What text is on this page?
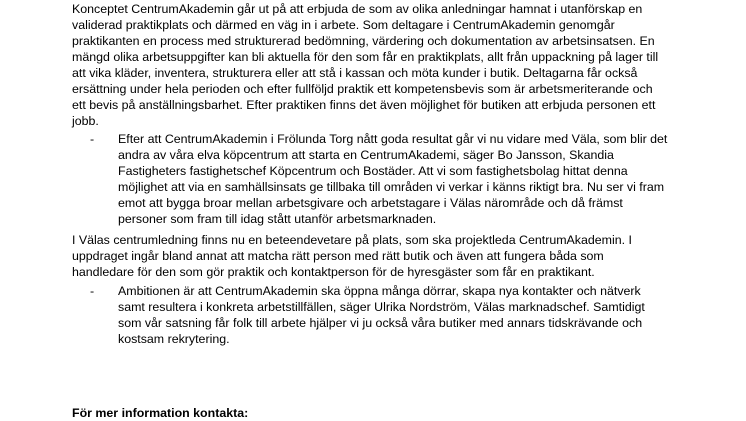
Konceptet CentrumAkademin går ut på att erbjuda de som av olika anledningar hamnat i utanförskap en
validerad praktikplats och därmed en väg in i arbete. Som deltagare i CentrumAkademin genomgår
praktikanten en process med strukturerad bedömning, värdering och dokumentation av arbetsinsatsen. En
mängd olika arbetsuppgifter kan bli aktuella för den som får en praktikplats, allt från uppackning på lager till
att vika kläder, inventera, strukturera eller att stå i kassan och möta kunder i butik. Deltagarna får också
ersättning under hela perioden och efter fullföljd praktik ett kompetensbevis som är arbetsmeriterande och
ett bevis på anställningsbarhet. Efter praktiken finns det även möjlighet för butiken att erbjuda personen ett
jobb.

- Efter att CentrumAkademin i Frölunda Torg nått goda resultat går vi nu vidare med Väla, som blir det
andra av våra elva köpcentrum att starta en CentrumAkademi, säger Bo Jansson, Skandia
Fastigheters fastighetschef Köpcentrum och Bostäder. Att vi som fastighetsbolag hittat denna
möjlighet att via en samhällsinsats ge tillbaka till områden vi verkar i känns riktigt bra. Nu ser vi fram
emot att bygga broar mellan arbetsgivare och arbetstagare i Välas närområde och då främst
personer som fram till idag stått utanför arbetsmarknaden.

I Välas centrumledning finns nu en beteendevetare på plats, som ska projektleda CentrumAkademin. I
uppdraget ingår bland annat att matcha rätt person med rätt butik och även att fungera båda som
handledare för den som gör praktik och kontaktperson för de hyresgäster som får en praktikant.

- Ambitionen är att CentrumAkademin ska öppna många dörrar, skapa nya kontakter och nätverk
samt resultera i konkreta arbetstillfällen, säger Ulrika Nordström, Välas marknadschef. Samtidigt
som vår satsning får folk till arbete hjälper vi ju också våra butiker med annars tidskrävande och
kostsam rekrytering.

För mer information kontakta:
